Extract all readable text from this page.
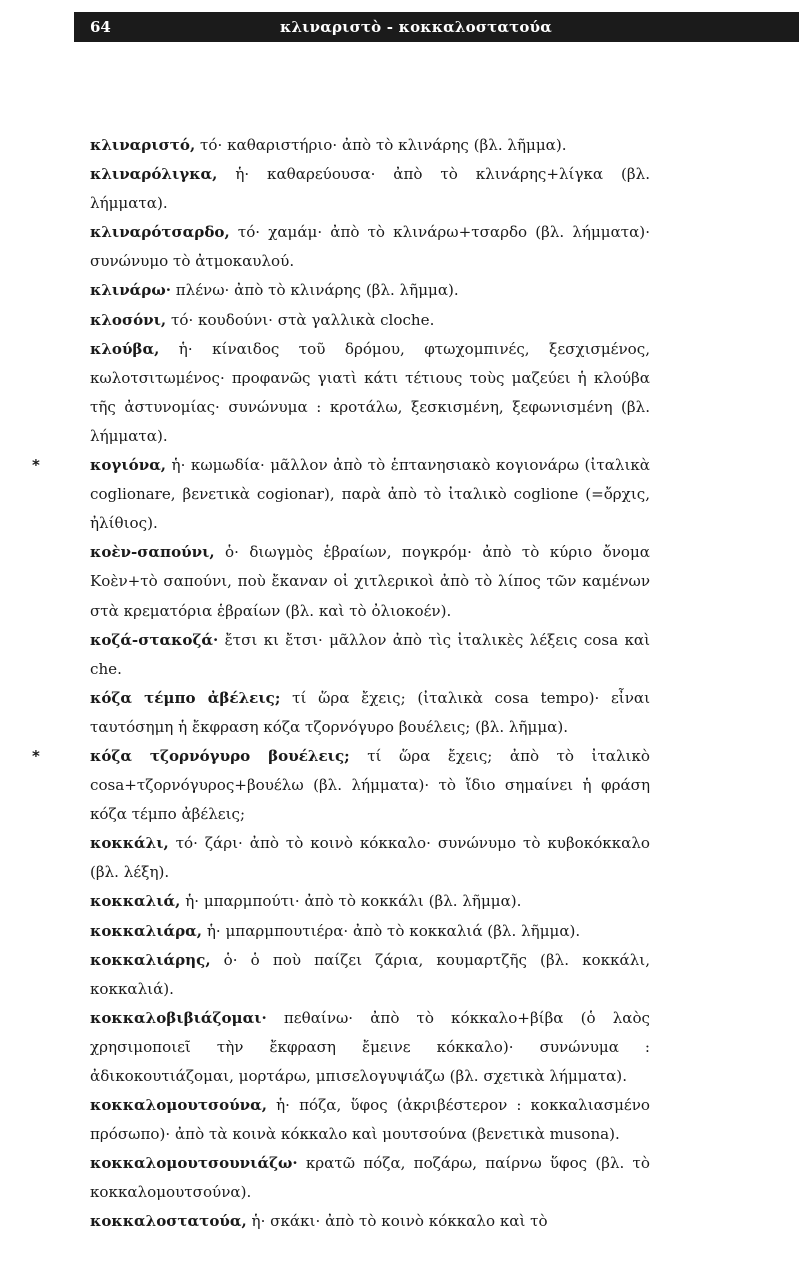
64	κλιναριστὸ - κοκκαλοστατούα

κλιναριστό, τό· καθαριστήριο· ἀπὸ τὸ κλινάρης (βλ. λῆμμα).

κλιναρόλιγκα, ἡ· καθαρεύουσα· ἀπὸ τὸ κλινάρης+λίγκα (βλ. λήμματα).

κλιναρότσαρδο, τό· χαμάμ· ἀπὸ τὸ κλινάρω+τσαρδο (βλ. λήμματα)· συνώνυμο τὸ ἀτμοκαυλού.

κλινάρω· πλένω· ἀπὸ τὸ κλινάρης (βλ. λῆμμα).

κλοσόνι, τό· κουδούνι· στὰ γαλλικὰ cloche.

κλούβα, ἡ· κίναιδος τοῦ δρόμου, φτωχομπινές, ξεσχισμένος, κωλοτσιτωμένος· προφανῶς γιατὶ κάτι τέτιους τοὺς μαζεύει ἡ κλούβα τῆς ἀστυνομίας· συνώνυμα : κροτάλω, ξεσκισμένη, ξεφωνισμένη (βλ. λήμματα).

*	κογιόνα, ἡ· κωμωδία· μᾶλλον ἀπὸ τὸ ἑπτανησιακὸ κογιονάρω (ἰταλικὰ coglionare, βενετικὰ cogionar), παρὰ ἀπὸ τὸ ἰταλικὸ coglione (=ὄρχις, ἠλίθιος).

κοὲν-σαπούνι, ὁ· διωγμὸς ἑβραίων, πογκρόμ· ἀπὸ τὸ κύριο ὄνομα Κοὲν+τὸ σαπούνι, ποὺ ἔκαναν οἱ χιτλερικοὶ ἀπὸ τὸ λίπος τῶν καμένων στὰ κρεματόρια ἑβραίων (βλ. καὶ τὸ ὀλιοκοέν).

κοζά-στακοζά· ἔτσι κι ἔτσι· μᾶλλον ἀπὸ τὶς ἰταλικὲς λέξεις cosa καὶ che.

κόζα τέμπο ἀβέλεις; τί ὥρα ἔχεις; (ἰταλικὰ cosa tempo)· εἶναι ταυτόσημη ἡ ἔκφραση κόζα τζορνόγυρο βουέλεις; (βλ. λῆμμα).

*	κόζα τζορνόγυρο βουέλεις; τί ὥρα ἔχεις; ἀπὸ τὸ ἰταλικὸ cosa+τζορνόγυρος+βουέλω (βλ. λήμματα)· τὸ ἴδιο σημαίνει ἡ φράση κόζα τέμπο ἀβέλεις;

κοκκάλι, τό· ζάρι· ἀπὸ τὸ κοινὸ κόκκαλο· συνώνυμο τὸ κυβοκόκκαλο (βλ. λέξη).

κοκκαλιά, ἡ· μπαρμπούτι· ἀπὸ τὸ κοκκάλι (βλ. λῆμμα).

κοκκαλιάρα, ἡ· μπαρμπουτιέρα· ἀπὸ τὸ κοκκαλιά (βλ. λῆμμα).

κοκκαλιάρης, ὁ· ὁ ποὺ παίζει ζάρια, κουμαρτζῆς (βλ. κοκκάλι, κοκκαλιά).

κοκκαλοβιβιάζομαι· πεθαίνω· ἀπὸ τὸ κόκκαλο+βίβα (ὁ λαὸς χρησιμοποιεῖ τὴν ἔκφραση ἔμεινε κόκκαλο)· συνώνυμα : ἀδικοκουτιάζομαι, μορτάρω, μπισελογυψιάζω (βλ. σχετικὰ λήμματα).

κοκκαλομουτσούνα, ἡ· πόζα, ὕφος (ἀκριβέστερον : κοκκαλιασμένο πρόσωπο)· ἀπὸ τὰ κοινὰ κόκκαλο καὶ μουτσούνα (βενετικὰ musona).

κοκκαλομουτσουνιάζω· κρατῶ πόζα, ποζάρω, παίρνω ὕφος (βλ. τὸ κοκκαλομουτσούνα).

κοκκαλοστατούα, ἡ· σκάκι· ἀπὸ τὸ κοινὸ κόκκαλο καὶ τὸ
